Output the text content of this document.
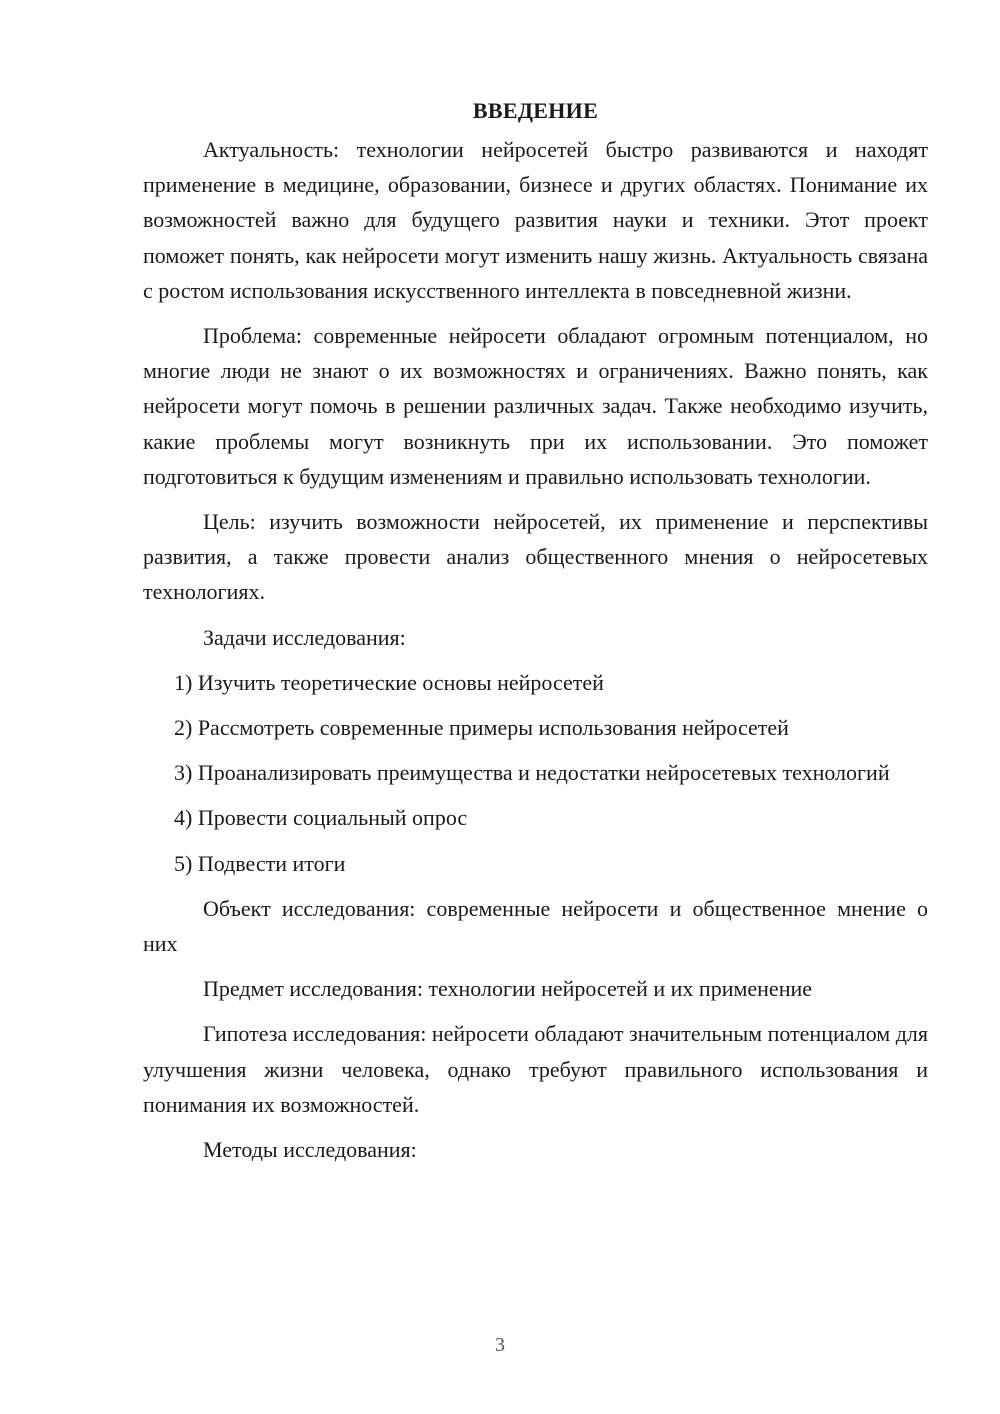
ВВЕДЕНИЕ

Актуальность: технологии нейросетей быстро развиваются и находят применение в медицине, образовании, бизнесе и других областях. Понимание их возможностей важно для будущего развития науки и техники. Этот проект поможет понять, как нейросети могут изменить нашу жизнь. Актуальность связана с ростом использования искусственного интеллекта в повседневной жизни.

Проблема: современные нейросети обладают огромным потенциалом, но многие люди не знают о их возможностях и ограничениях. Важно понять, как нейросети могут помочь в решении различных задач. Также необходимо изучить, какие проблемы могут возникнуть при их использовании. Это поможет подготовиться к будущим изменениям и правильно использовать технологии.

Цель: изучить возможности нейросетей, их применение и перспективы развития, а также провести анализ общественного мнения о нейросетевых технологиях.

Задачи исследования:

1) Изучить теоретические основы нейросетей

2) Рассмотреть современные примеры использования нейросетей

3) Проанализировать преимущества и недостатки нейросетевых технологий

4) Провести социальный опрос

5) Подвести итоги

Объект исследования: современные нейросети и общественное мнение о них

Предмет исследования: технологии нейросетей и их применение

Гипотеза исследования: нейросети обладают значительным потенциалом для улучшения жизни человека, однако требуют правильного использования и понимания их возможностей.

Методы исследования:

3
